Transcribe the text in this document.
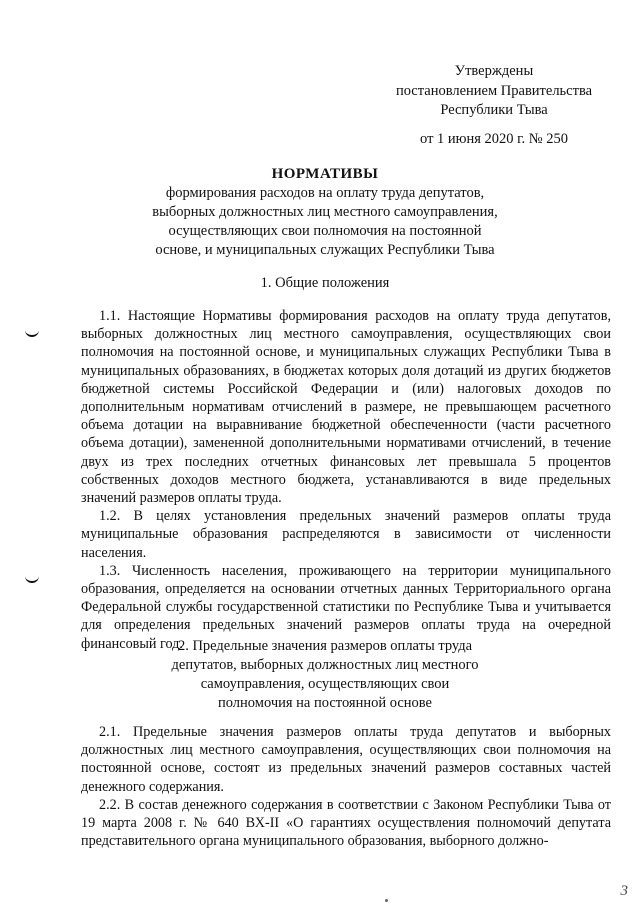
Утверждены
постановлением Правительства
Республики Тыва
от 1 июня 2020 г. № 250
НОРМАТИВЫ
формирования расходов на оплату труда депутатов,
выборных должностных лиц местного самоуправления,
осуществляющих свои полномочия на постоянной
основе, и муниципальных служащих Республики Тыва
1. Общие положения

1.1. Настоящие Нормативы формирования расходов на оплату труда депутатов, выборных должностных лиц местного самоуправления, осуществляющих свои полномочия на постоянной основе, и муниципальных служащих Республики Тыва в муниципальных образованиях, в бюджетах которых доля дотаций из других бюджетов бюджетной системы Российской Федерации и (или) налоговых доходов по дополнительным нормативам отчислений в размере, не превышающем расчетного объема дотации на выравнивание бюджетной обеспеченности (части расчетного объема дотации), замененной дополнительными нормативами отчислений, в течение двух из трех последних отчетных финансовых лет превышала 5 процентов собственных доходов местного бюджета, устанавливаются в виде предельных значений размеров оплаты труда.

1.2. В целях установления предельных значений размеров оплаты труда муниципальные образования распределяются в зависимости от численности населения.

1.3. Численность населения, проживающего на территории муниципального образования, определяется на основании отчетных данных Территориального органа Федеральной службы государственной статистики по Республике Тыва и учитывается для определения предельных значений размеров оплаты труда на очередной финансовый год.

2. Предельные значения размеров оплаты труда
депутатов, выборных должностных лиц местного
самоуправления, осуществляющих свои
полномочия на постоянной основе

2.1. Предельные значения размеров оплаты труда депутатов и выборных должностных лиц местного самоуправления, осуществляющих свои полномочия на постоянной основе, состоят из предельных значений размеров составных частей денежного содержания.

2.2. В состав денежного содержания в соответствии с Законом Республики Тыва от 19 марта 2008 г. № 640 ВХ-II «О гарантиях осуществления полномочий депутата представительного органа муниципального образования, выборного должно-

3
